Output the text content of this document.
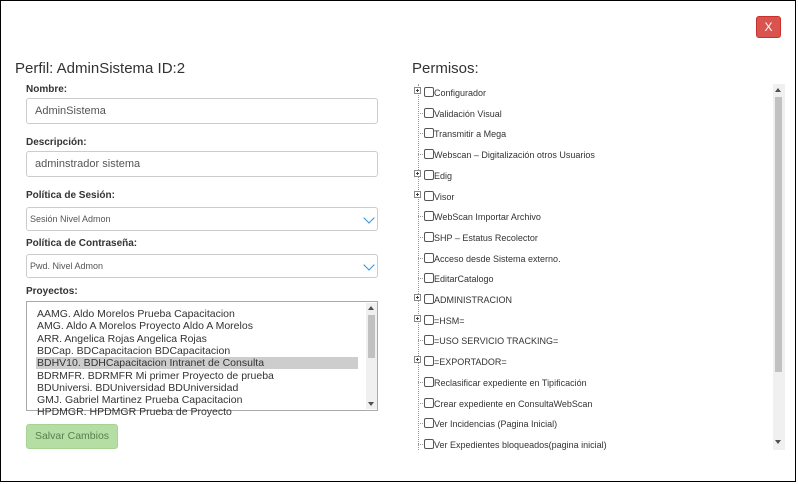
X
Perfil: AdminSistema ID:2
Nombre:
AdminSistema
Descripción:
adminstrador sistema
Política de Sesión:
Sesión Nivel Admon
Política de Contraseña:
Pwd. Nivel Admon
Proyectos:
AAMG. Aldo Morelos Prueba Capacitacion
AMG. Aldo A Morelos Proyecto Aldo A Morelos
ARR. Angelica Rojas Angelica Rojas
BDCap. BDCapacitacion BDCapacitacion
BDHV10. BDHCapacitacion Intranet de Consulta
BDRMFR. BDRMFR Mi primer Proyecto de prueba
BDUniversi. BDUniversidad BDUniversidad
GMJ. Gabriel Martinez Prueba Capacitacion
HPDMGR. HPDMGR Prueba de Proyecto
Salvar Cambios
Permisos:
Configurador
Validación Visual
Transmitir a Mega
Webscan – Digitalización otros Usuarios
Edig
Visor
WebScan Importar Archivo
SHP – Estatus Recolector
Acceso desde Sistema externo.
EditarCatalogo
ADMINISTRACION
=HSM=
=USO SERVICIO TRACKING=
=EXPORTADOR=
Reclasificar expediente en Tipificación
Crear expediente en ConsultaWebScan
Ver Incidencias (Pagina Inicial)
Ver Expedientes bloqueados(pagina inicial)
